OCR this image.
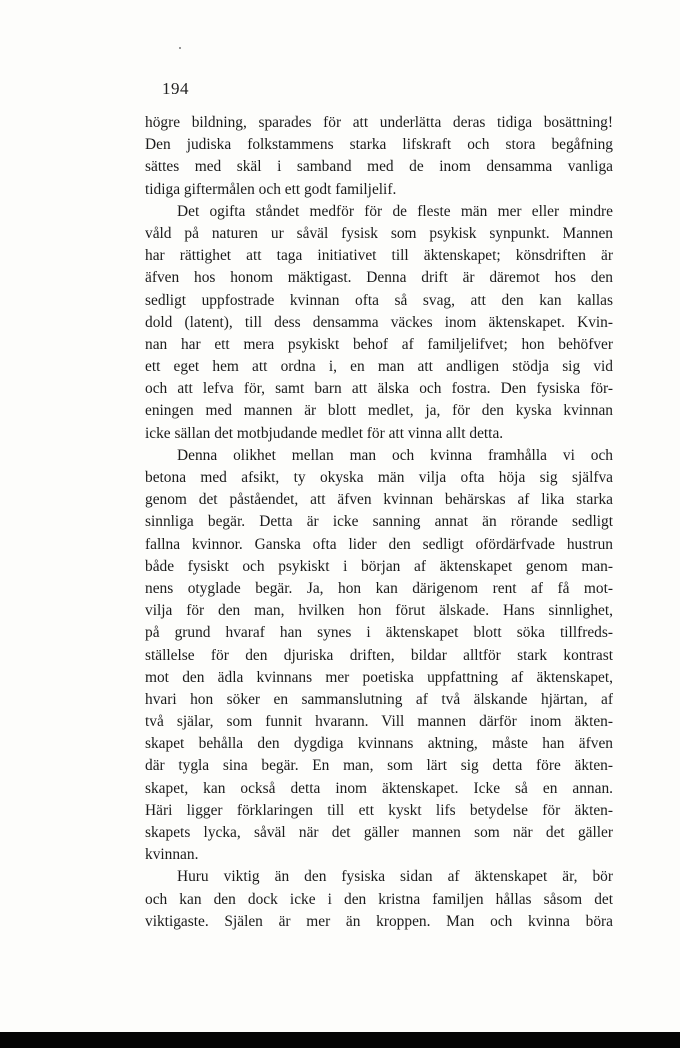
194
högre bildning, sparades för att underlätta deras tidiga bosättning!
Den judiska folkstammens starka lifskraft och stora begåfning
sättes med skäl i samband med de inom densamma vanliga
tidiga giftermålen och ett godt familjelif.
Det ogifta ståndet medför för de fleste män mer eller mindre
våld på naturen ur såväl fysisk som psykisk synpunkt. Mannen
har rättighet att taga initiativet till äktenskapet; könsdriften är
äfven hos honom mäktigast. Denna drift är däremot hos den
sedligt uppfostrade kvinnan ofta så svag, att den kan kallas
dold (latent), till dess densamma väckes inom äktenskapet. Kvin-
nan har ett mera psykiskt behof af familjelifvet; hon behöfver
ett eget hem att ordna i, en man att andligen stödja sig vid
och att lefva för, samt barn att älska och fostra. Den fysiska för-
eningen med mannen är blott medlet, ja, för den kyska kvinnan
icke sällan det motbjudande medlet för att vinna allt detta.
Denna olikhet mellan man och kvinna framhålla vi och
betona med afsikt, ty okyska män vilja ofta höja sig själfva
genom det påståendet, att äfven kvinnan behärskas af lika starka
sinnliga begär. Detta är icke sanning annat än rörande sedligt
fallna kvinnor. Ganska ofta lider den sedligt ofördärfvade hustrun
både fysiskt och psykiskt i början af äktenskapet genom man-
nens otyglade begär. Ja, hon kan därigenom rent af få mot-
vilja för den man, hvilken hon förut älskade. Hans sinnlighet,
på grund hvaraf han synes i äktenskapet blott söka tillfreds-
ställelse för den djuriska driften, bildar alltför stark kontrast
mot den ädla kvinnans mer poetiska uppfattning af äktenskapet,
hvari hon söker en sammanslutning af två älskande hjärtan, af
två själar, som funnit hvarann. Vill mannen därför inom äkten-
skapet behålla den dygdiga kvinnans aktning, måste han äfven
där tygla sina begär. En man, som lärt sig detta före äkten-
skapet, kan också detta inom äktenskapet. Icke så en annan.
Häri ligger förklaringen till ett kyskt lifs betydelse för äkten-
skapets lycka, såväl när det gäller mannen som när det gäller
kvinnan.
Huru viktig än den fysiska sidan af äktenskapet är, bör
och kan den dock icke i den kristna familjen hållas såsom det
viktigaste. Själen är mer än kroppen. Man och kvinna böra
